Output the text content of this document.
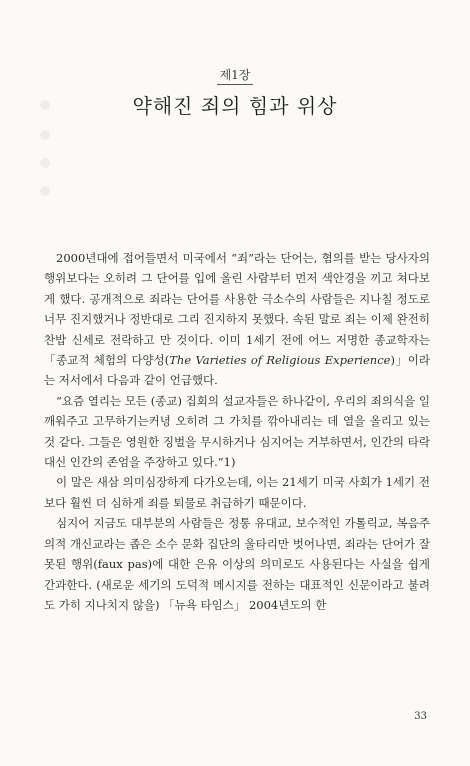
제1장
약해진 죄의 힘과 위상

2000년대에 접어들면서 미국에서 “죄”라는 단어는, 혐의를 받는 당사자의 행위보다는 오히려 그 단어를 입에 올린 사람부터 먼저 색안경을 끼고 쳐다보게 했다. 공개적으로 죄라는 단어를 사용한 극소수의 사람들은 지나칠 정도로 너무 진지했거나 정반대로 그리 진지하지 못했다. 속된 말로 죄는 이제 완전히 찬밥 신세로 전락하고 만 것이다. 이미 1세기 전에 어느 저명한 종교학자는 「종교적 체험의 다양성(The Varieties of Religious Experience)」이라는 저서에서 다음과 같이 언급했다.

“요즘 열리는 모든 (종교) 집회의 설교자들은 하나같이, 우리의 죄의식을 일깨워주고 고무하기는커녕 오히려 그 가치를 깎아내리는 데 열을 올리고 있는 것 같다. 그들은 영원한 징벌을 무시하거나 심지어는 거부하면서, 인간의 타락 대신 인간의 존엄을 주장하고 있다.”1)

이 말은 새삼 의미심장하게 다가오는데, 이는 21세기 미국 사회가 1세기 전보다 훨씬 더 심하게 죄를 퇴물로 취급하기 때문이다.

심지어 지금도 대부분의 사람들은 정통 유대교, 보수적인 가톨릭교, 복음주의적 개신교라는 좁은 소수 문화 집단의 울타리만 벗어나면, 죄라는 단어가 잘못된 행위(faux pas)에 대한 은유 이상의 의미로도 사용된다는 사실을 쉽게 간과한다. (새로운 세기의 도덕적 메시지를 전하는 대표적인 신문이라고 불려도 가히 지나치지 않을) 「뉴욕 타임스」 2004년도의 한

33
